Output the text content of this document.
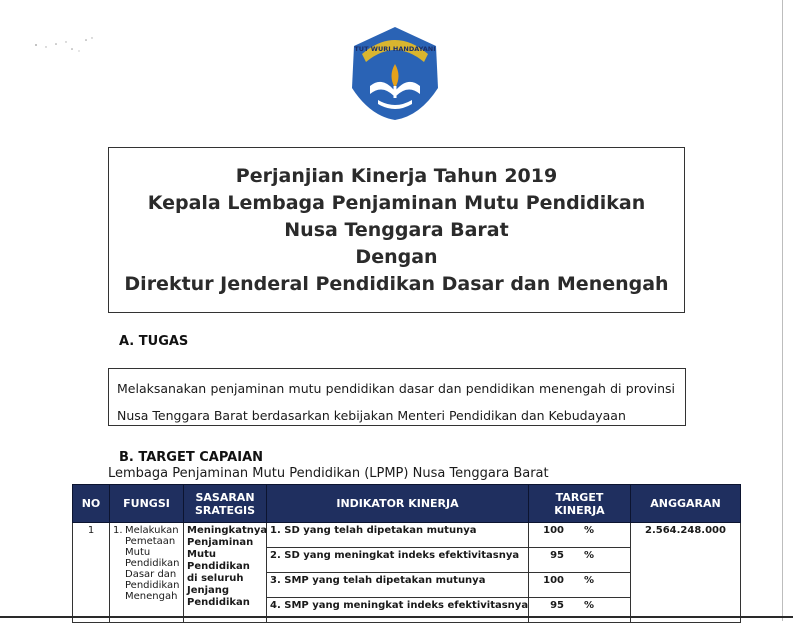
TUT WURI HANDAYANI
Perjanjian Kinerja Tahun 2019
Kepala Lembaga Penjaminan Mutu Pendidikan
Nusa Tenggara Barat
Dengan
Direktur Jenderal Pendidikan Dasar dan Menengah
A. TUGAS
Melaksanakan penjaminan mutu pendidikan dasar dan pendidikan menengah di provinsi
Nusa Tenggara Barat berdasarkan kebijakan Menteri Pendidikan dan Kebudayaan
B. TARGET CAPAIAN
Lembaga Penjaminan Mutu Pendidikan (LPMP) Nusa Tenggara Barat
NO	FUNGSI	SASARAN SRATEGIS	INDIKATOR KINERJA	TARGET KINERJA	ANGGARAN
1	1. Melakukan Pemetaan Mutu Pendidikan Dasar dan Pendidikan Menengah	Meningkatnya Penjaminan Mutu Pendidikan di seluruh Jenjang Pendidikan	1. SD yang telah dipetakan mutunya	100 %	2.564.248.000
			2. SD yang meningkat indeks efektivitasnya	95 %	

			3. SMP yang telah dipetakan mutunya	100 %	

			4. SMP yang meningkat indeks efektivitasnya	95 %	
